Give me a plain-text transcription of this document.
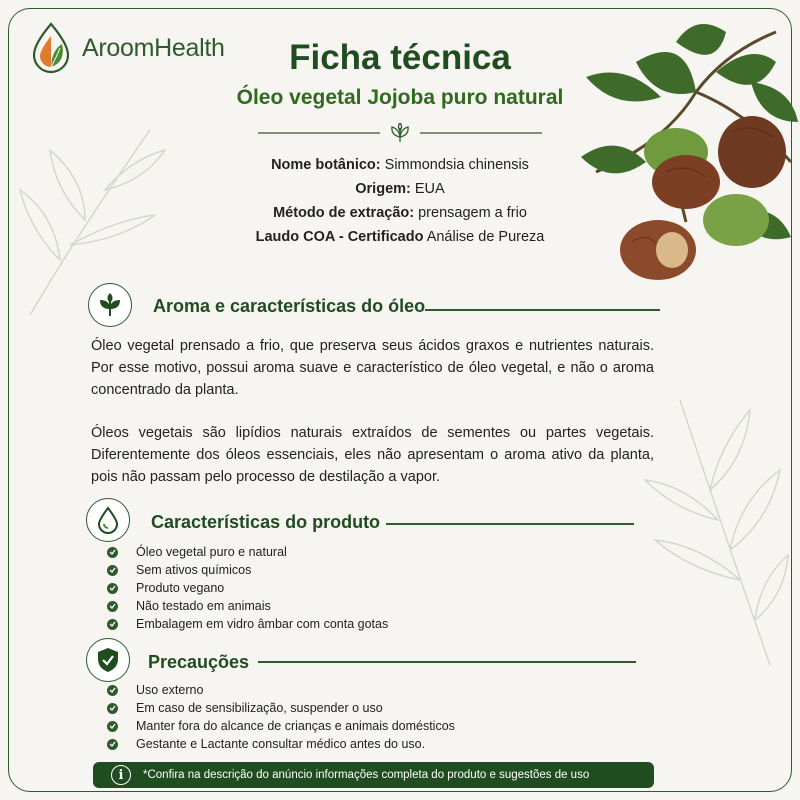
AroomHealth	Ficha técnica
Óleo vegetal Jojoba puro natural
Nome botânico: Simmondsia chinensis
Origem: EUA
Método de extração: prensagem a frio
Laudo COA - Certificado Análise de Pureza
Aroma e características do óleo
Óleo vegetal prensado a frio, que preserva seus ácidos graxos e nutrientes naturais. Por esse motivo, possui aroma suave e característico de óleo vegetal, e não o aroma concentrado da planta.
Óleos vegetais são lipídios naturais extraídos de sementes ou partes vegetais. Diferentemente dos óleos essenciais, eles não apresentam o aroma ativo da planta, pois não passam pelo processo de destilação a vapor.
Características do produto
Óleo vegetal puro e natural
Sem ativos químicos
Produto vegano
Não testado em animais
Embalagem em vidro âmbar com conta gotas
Precauções
Uso externo
Em caso de sensibilização, suspender o uso
Manter fora do alcance de crianças e animais domésticos
Gestante e Lactante consultar médico antes do uso.
i	*Confira na descrição do anúncio informações completa do produto e sugestões de uso
